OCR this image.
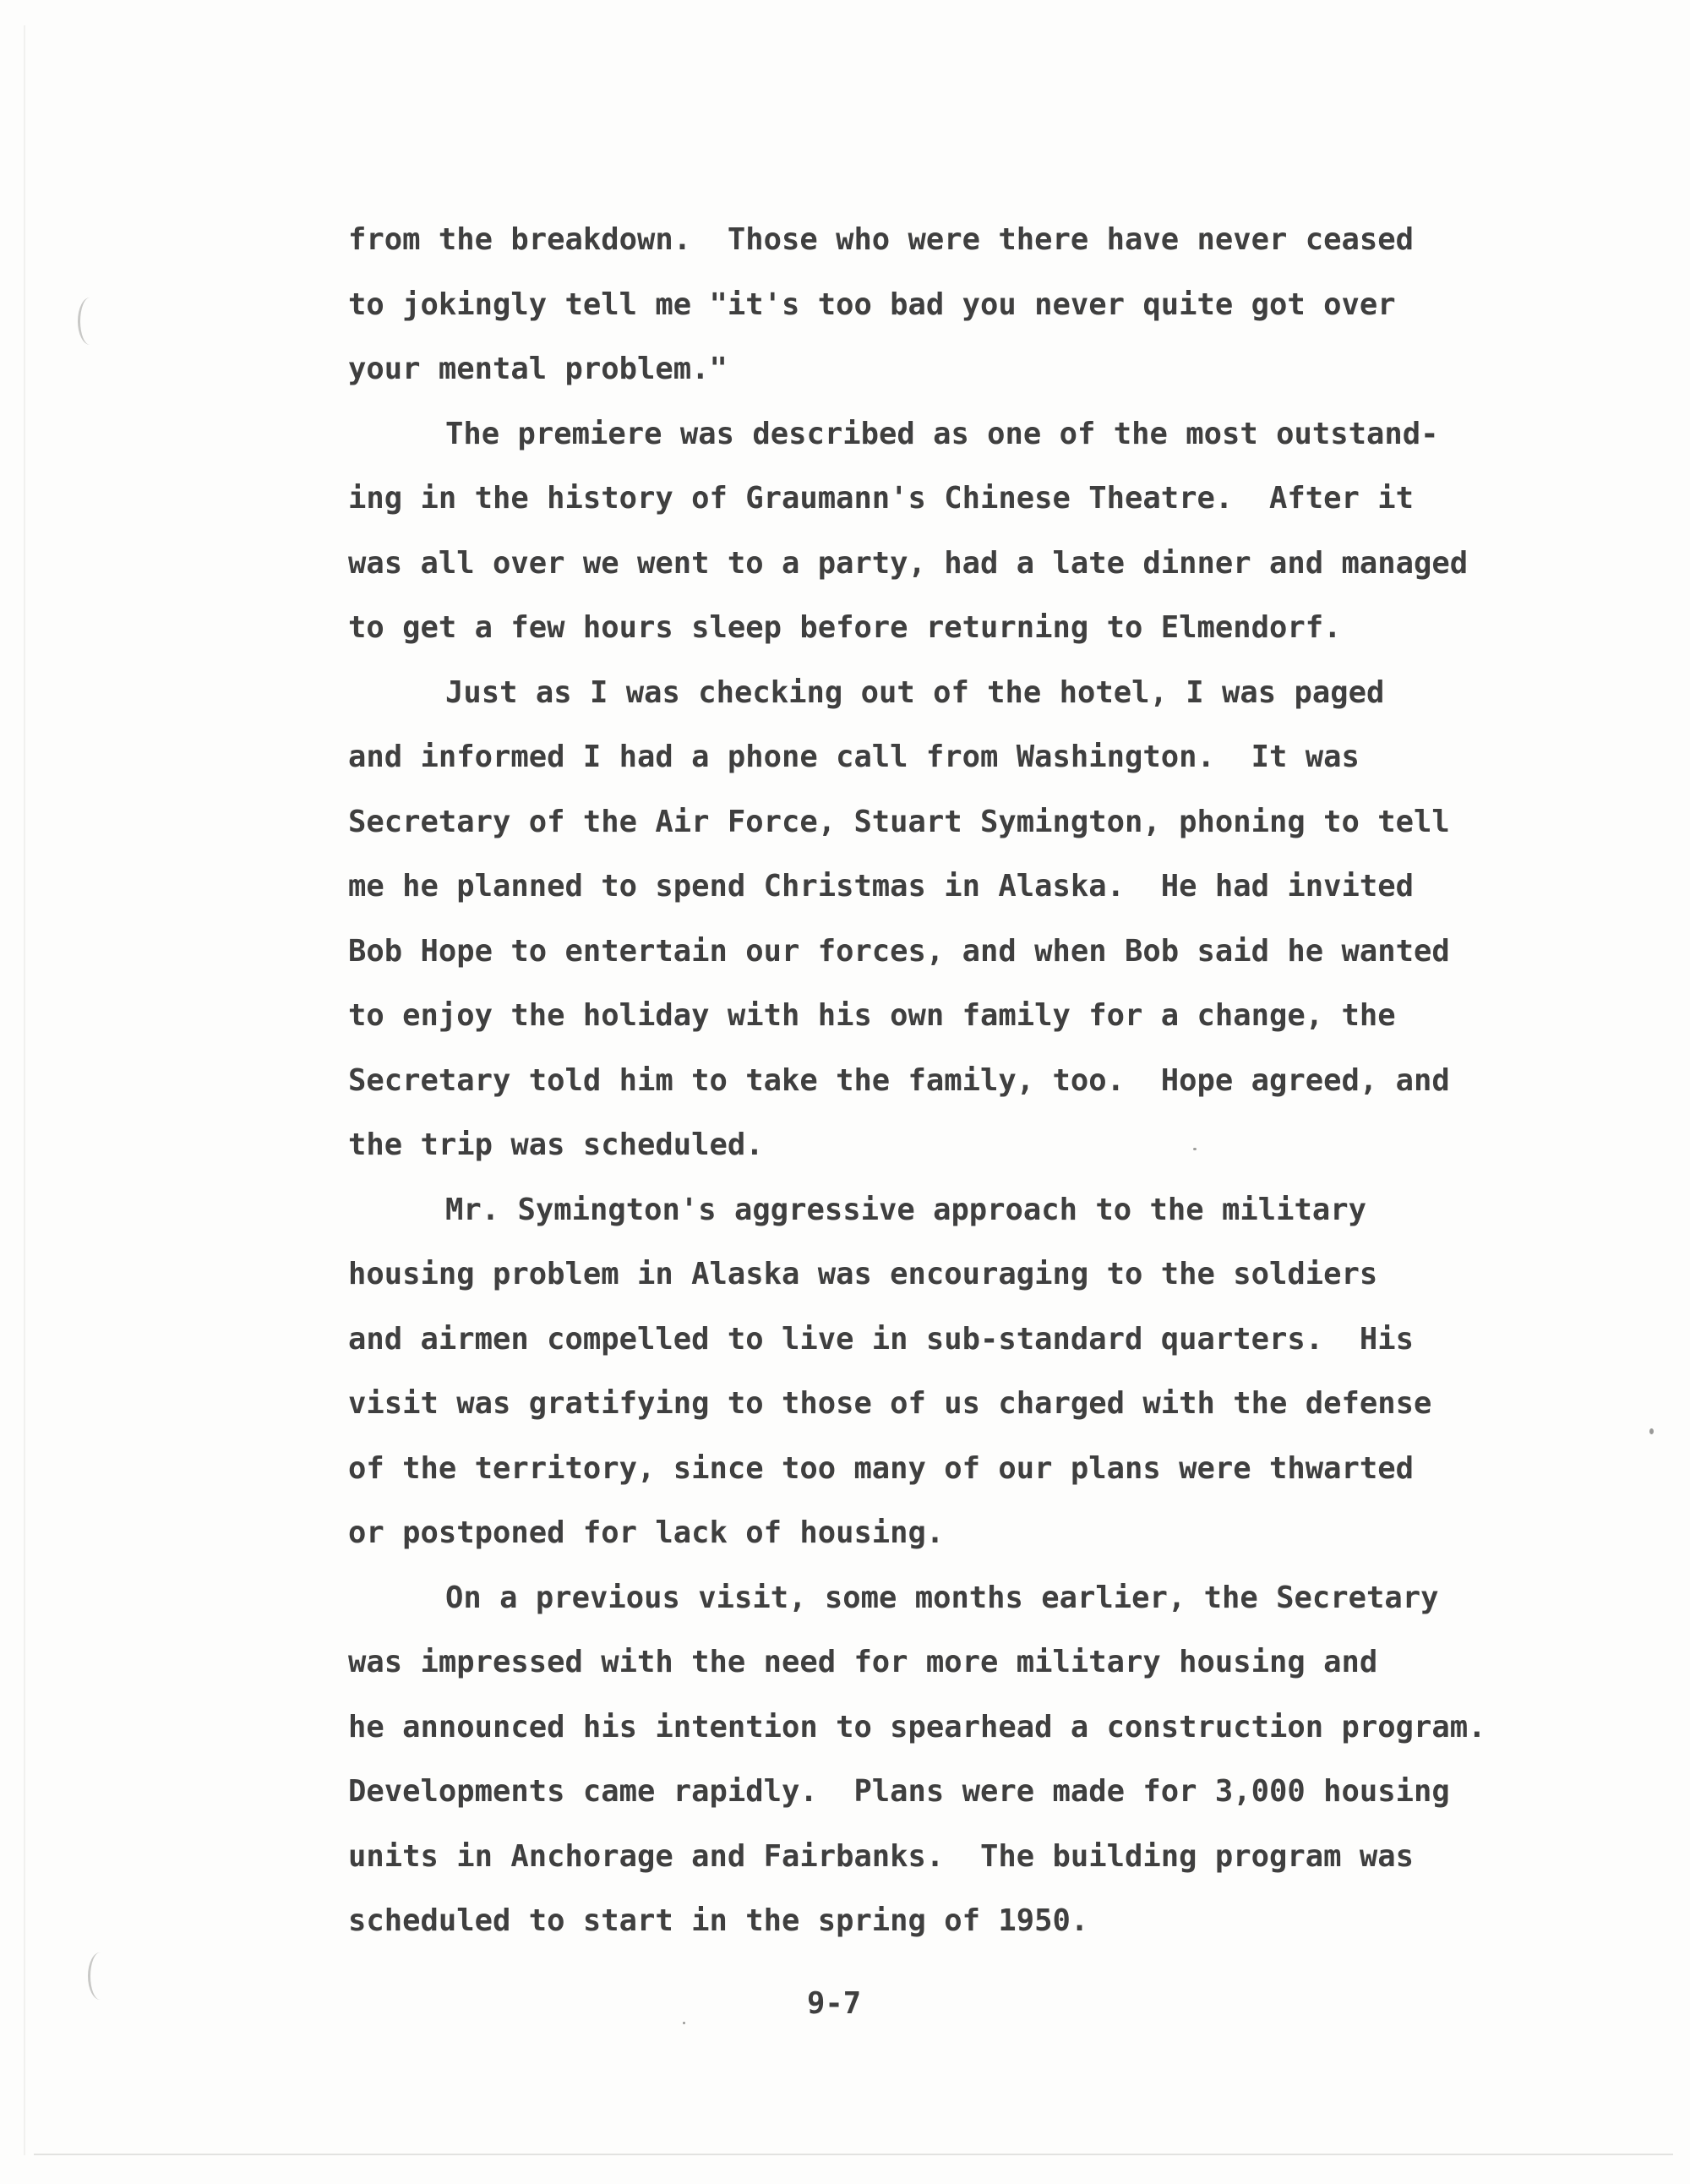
from the breakdown.  Those who were there have never ceased
to jokingly tell me "it's too bad you never quite got over
your mental problem."
The premiere was described as one of the most outstand-
ing in the history of Graumann's Chinese Theatre.  After it
was all over we went to a party, had a late dinner and managed
to get a few hours sleep before returning to Elmendorf.
Just as I was checking out of the hotel, I was paged
and informed I had a phone call from Washington.  It was
Secretary of the Air Force, Stuart Symington, phoning to tell
me he planned to spend Christmas in Alaska.  He had invited
Bob Hope to entertain our forces, and when Bob said he wanted
to enjoy the holiday with his own family for a change, the
Secretary told him to take the family, too.  Hope agreed, and
the trip was scheduled.
Mr. Symington's aggressive approach to the military
housing problem in Alaska was encouraging to the soldiers
and airmen compelled to live in sub-standard quarters.  His
visit was gratifying to those of us charged with the defense
of the territory, since too many of our plans were thwarted
or postponed for lack of housing.
On a previous visit, some months earlier, the Secretary
was impressed with the need for more military housing and
he announced his intention to spearhead a construction program.
Developments came rapidly.  Plans were made for 3,000 housing
units in Anchorage and Fairbanks.  The building program was
scheduled to start in the spring of 1950.
9-7
